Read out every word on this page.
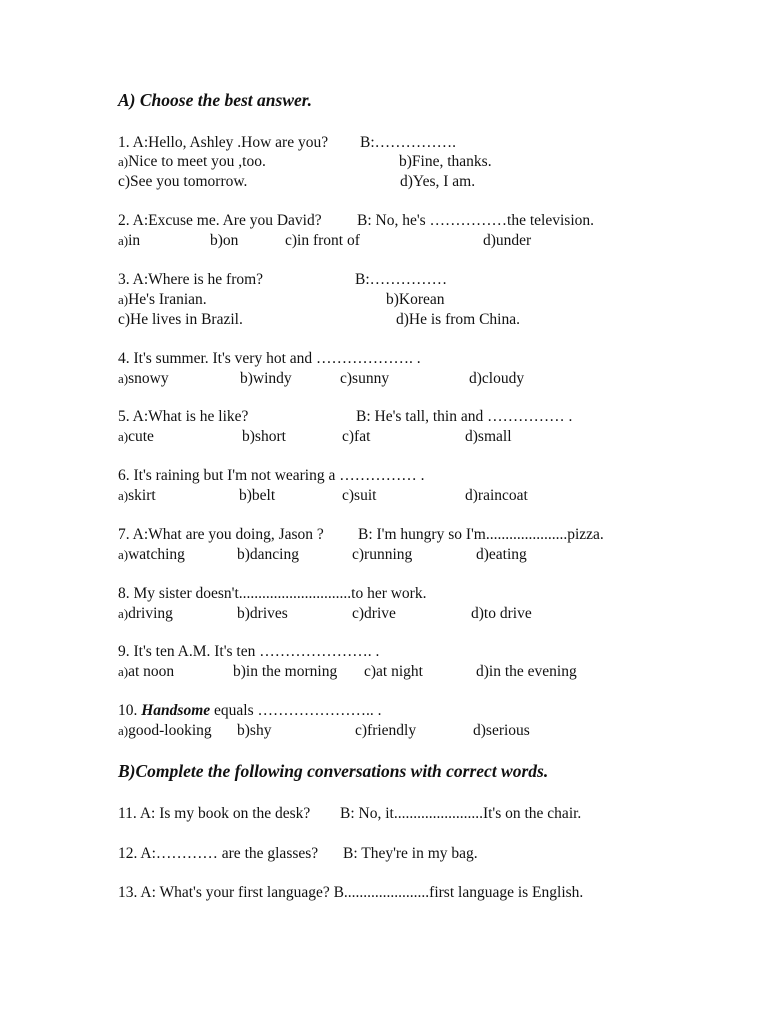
A) Choose the best answer.
1. A:Hello, Ashley .How are you? B:…………….
a)Nice to meet you ,too.	b)Fine, thanks.
c)See you tomorrow.	d)Yes, I am.
2. A:Excuse me. Are you David? B: No, he's ……………the television.
a)in	b)on	c)in front of	d)under
3. A:Where is he from?	B:……………
a)He's Iranian.	b)Korean
c)He lives in Brazil.	d)He is from China.
4. It's summer. It's very hot and ………………. .
a)snowy	b)windy	c)sunny	d)cloudy
5. A:What is he like?	B: He's tall, thin and …………… .
a)cute	b)short	c)fat	d)small
6. It's raining but I'm not wearing a …………… .
a)skirt	b)belt	c)suit	d)raincoat
7. A:What are you doing, Jason ? B: I'm hungry so I'm.....................pizza.
a)watching	b)dancing	c)running	d)eating
8. My sister doesn't.............................to her work.
a)driving	b)drives	c)drive	d)to drive
9. It's ten A.M. It's ten …………………. .
a)at noon	b)in the morning c)at night	d)in the evening
10. Handsome equals ………………….. .
a)good-looking b)shy	c)friendly	d)serious
B)Complete the following conversations with correct words.
11. A: Is my book on the desk? B: No, it.......................It's on the chair.
12. A:………… are the glasses? B: They're in my bag.
13. A: What's your first language? B......................first language is English.
